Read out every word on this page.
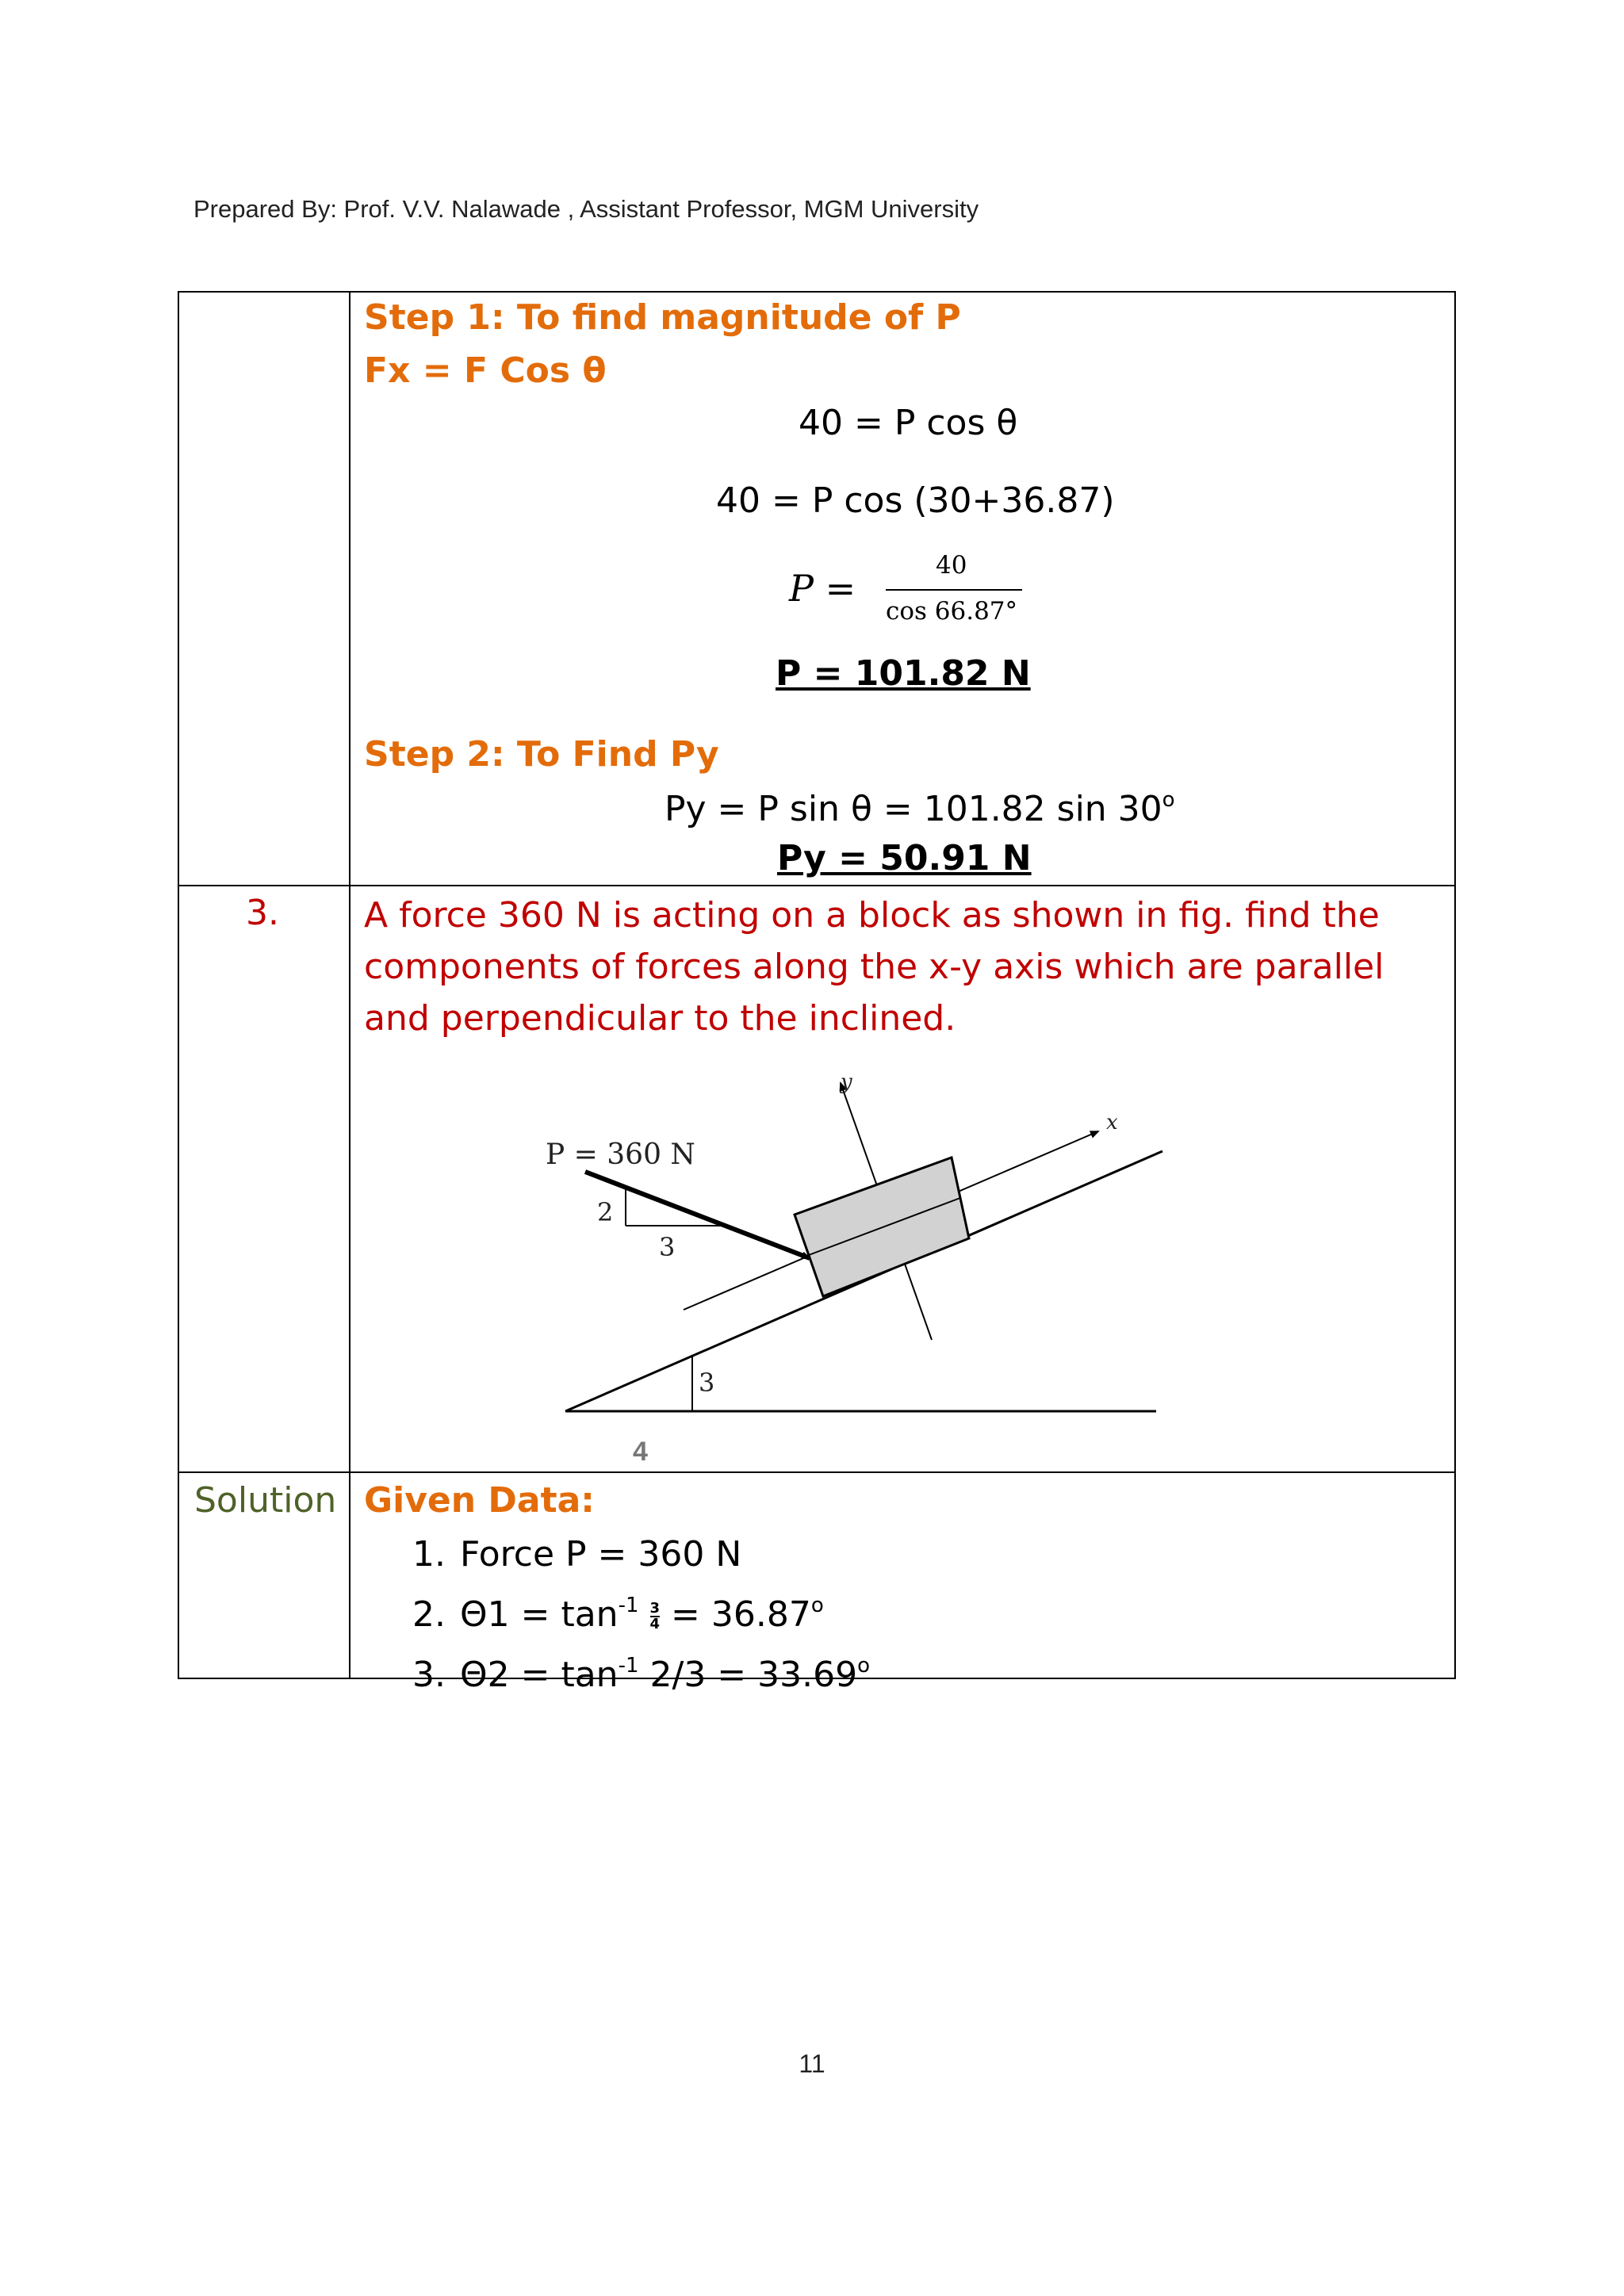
Prepared By: Prof. V.V. Nalawade , Assistant Professor, MGM University
Step 1: To find magnitude of P
Fx = F Cos θ
40 = P cos θ
40 = P cos (30+36.87)
P =
40
cos 66.87°
P = 101.82 N
Step 2: To Find Py
Py = P sin θ = 101.82 sin 30$^o$
Py = 50.91 N
3. A force 360 N is acting on a block as shown in fig. find the
components of forces along the x-y axis which are parallel
and perpendicular to the inclined.
P = 360 N
2
3
3
4
x
y
Solution Given Data:
1. Force P = 360 N
2. $\Theta 1 = \tan^{-1} \frac{3}{4} = 36.87^o$
3. $\Theta 2 = \tan^{-1} 2/3 = 33.69^o$
11
